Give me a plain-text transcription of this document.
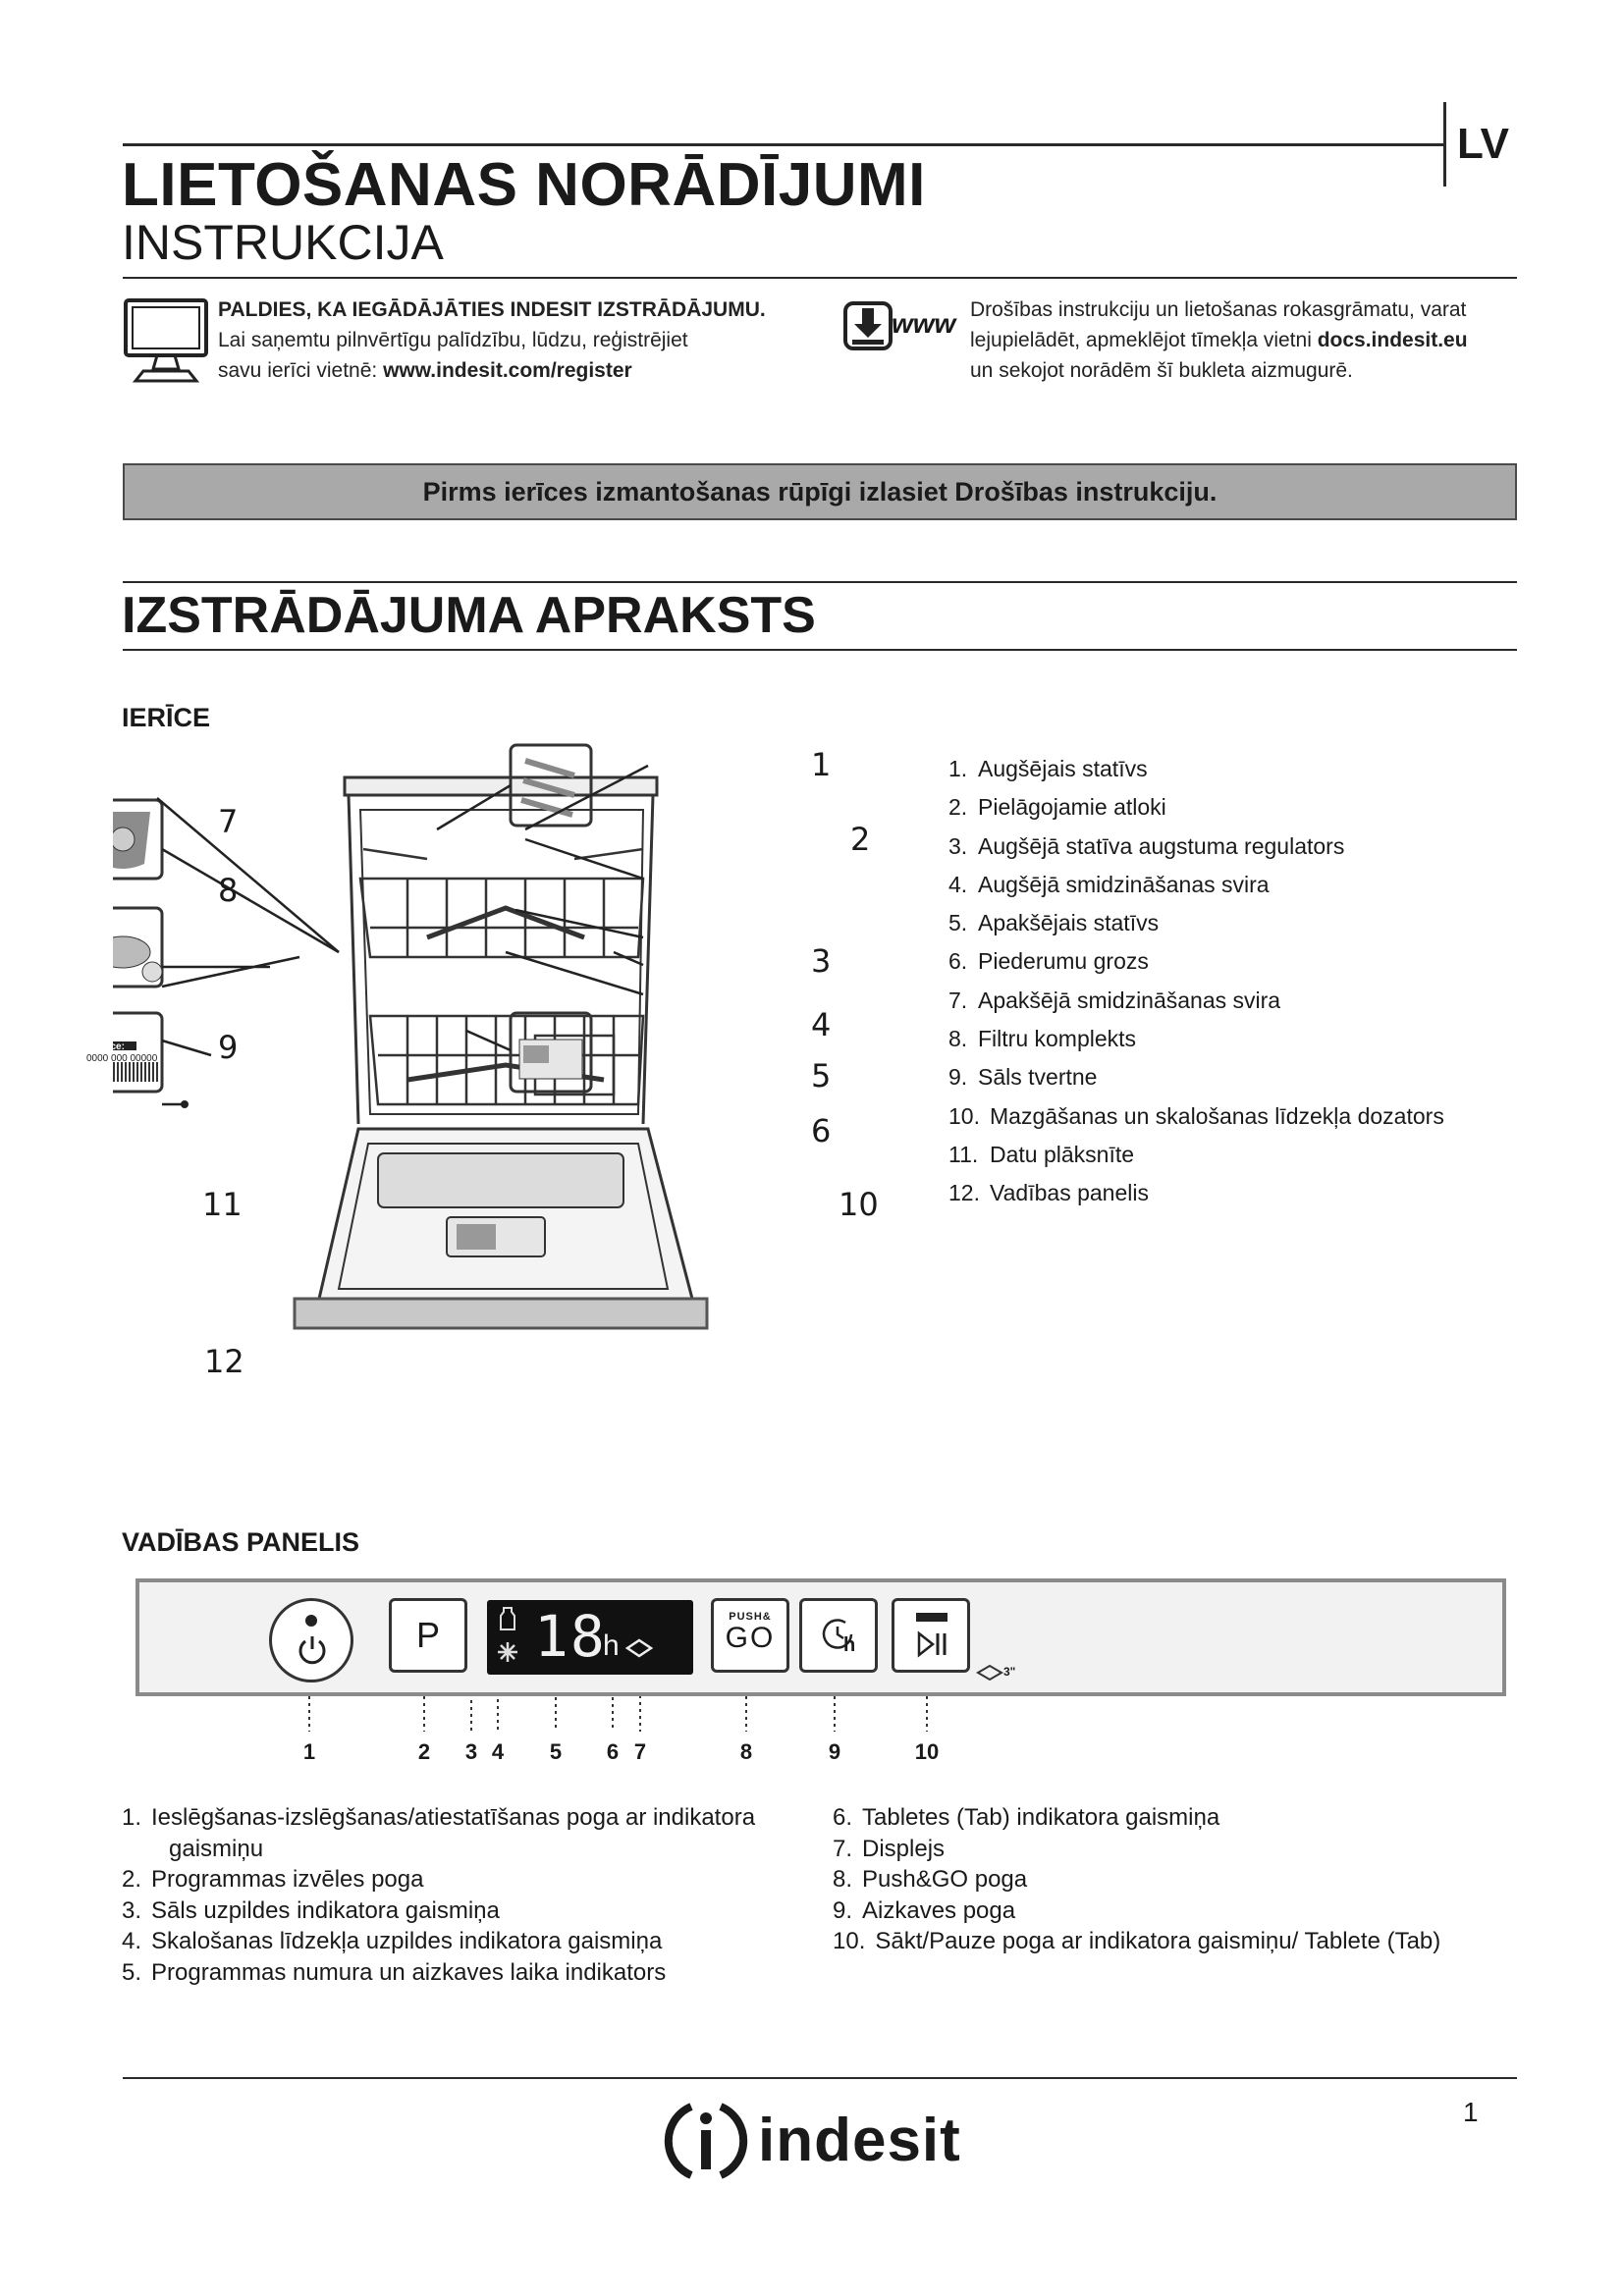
LV
LIETOŠANAS NORĀDĪJUMI
INSTRUKCIJA
PALDIES, KA IEGĀDĀJĀTIES INDESIT IZSTRĀDĀJUMU.
Lai saņemtu pilnvērtīgu palīdzību, lūdzu, reģistrējiet
savu ierīci vietnē: www.indesit.com/register
www Drošības instrukciju un lietošanas rokasgrāmatu, varat
lejupielādēt, apmeklējot tīmekļa vietni docs.indesit.eu
un sekojot norādēm šī bukleta aizmugurē.
Pirms ierīces izmantošanas rūpīgi izlasiet Drošības instrukciju.
IZSTRĀDĀJUMA APRAKSTS
IERĪCE
Service:
0000 000 00000
1
2
3
4
5
6
7
8
9
10
11
12
1. Augšējais statīvs
2. Pielāgojamie atloki
3. Augšējā statīva augstuma regulators
4. Augšējā smidzināšanas svira
5. Apakšējais statīvs
6. Piederumu grozs
7. Apakšējā smidzināšanas svira
8. Filtru komplekts
9. Sāls tvertne
10. Mazgāšanas un skalošanas līdzekļa dozators
11. Datu plāksnīte
12. Vadības panelis
VADĪBAS PANELIS
P	18
h
PUSH&
GO	h
3"
1	2	3 4	5	6 7	8	9	10
1. Ieslēgšanas-izslēgšanas/atiestatīšanas poga ar indikatora
gaismiņu
2. Programmas izvēles poga
3. Sāls uzpildes indikatora gaismiņa
4. Skalošanas līdzekļa uzpildes indikatora gaismiņa
5. Programmas numura un aizkaves laika indikators
6. Tabletes (Tab) indikatora gaismiņa
7. Displejs
8. Push&GO poga
9. Aizkaves poga
10. Sākt/Pauze poga ar indikatora gaismiņu/ Tablete (Tab)
indesit	1
